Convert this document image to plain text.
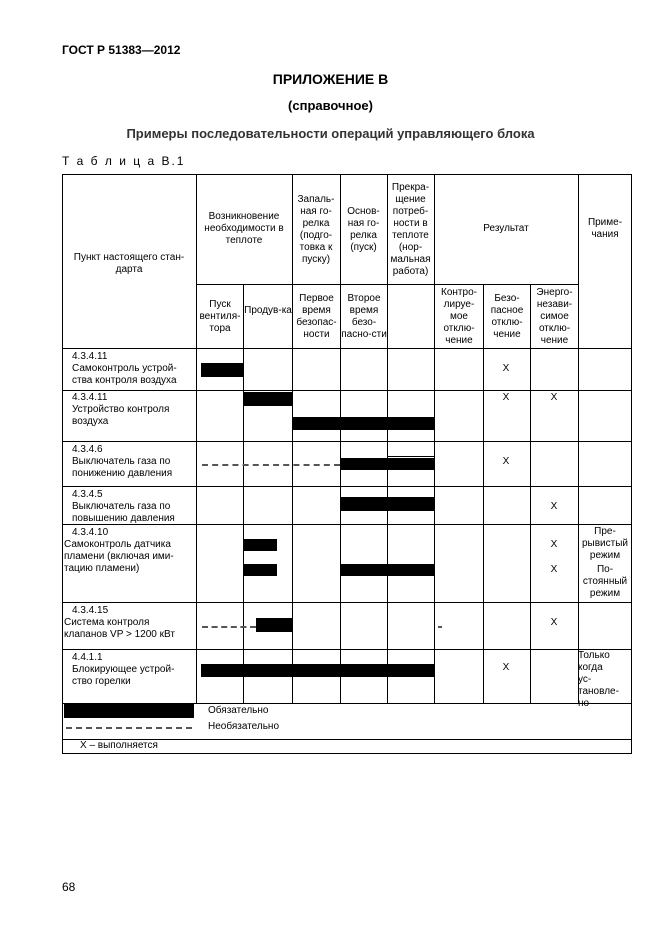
ГОСТ Р 51383—2012
ПРИЛОЖЕНИЕ В
(справочное)
Примеры последовательности операций управляющего блока
Т а б л и ц а В.1
Пункт настоящего стан-дарта
Возникновение необходимости в теплоте
Запаль-ная го-релка (подго-товка к пуску)
Основ-ная го-релка (пуск)
Прекра-щение потреб-ности в теплоте (нор-мальная работа)
Результат
Приме-чания
Пуск вентиля-тора
Продув-ка
Первое время безопас-ности
Второе время безо-пасно-сти
Контро-лируе-мое отклю-чение
Безо-пасное отклю-чение
Энерго-незави-симое отклю-чение
4.3.4.11
Самоконтроль устрой-ства контроля воздуха
X
4.3.4.11
Устройство контроля воздуха
X	X
4.3.4.6
Выключатель газа по понижению давления
X
4.3.4.5
Выключатель газа по повышению давления
X
4.3.4.10
Самоконтроль датчика пламени (включая ими-тацию пламени)
X
X
Пре-рывистый режим
По-стоянный режим
4.3.4.15
Система контроля клапанов VP > 1200 кВт
X
4.4.1.1
Блокирующее устрой-ство горелки
X
Только когда ус-тановле-но
Обязательно
Необязательно
X – выполняется
68
